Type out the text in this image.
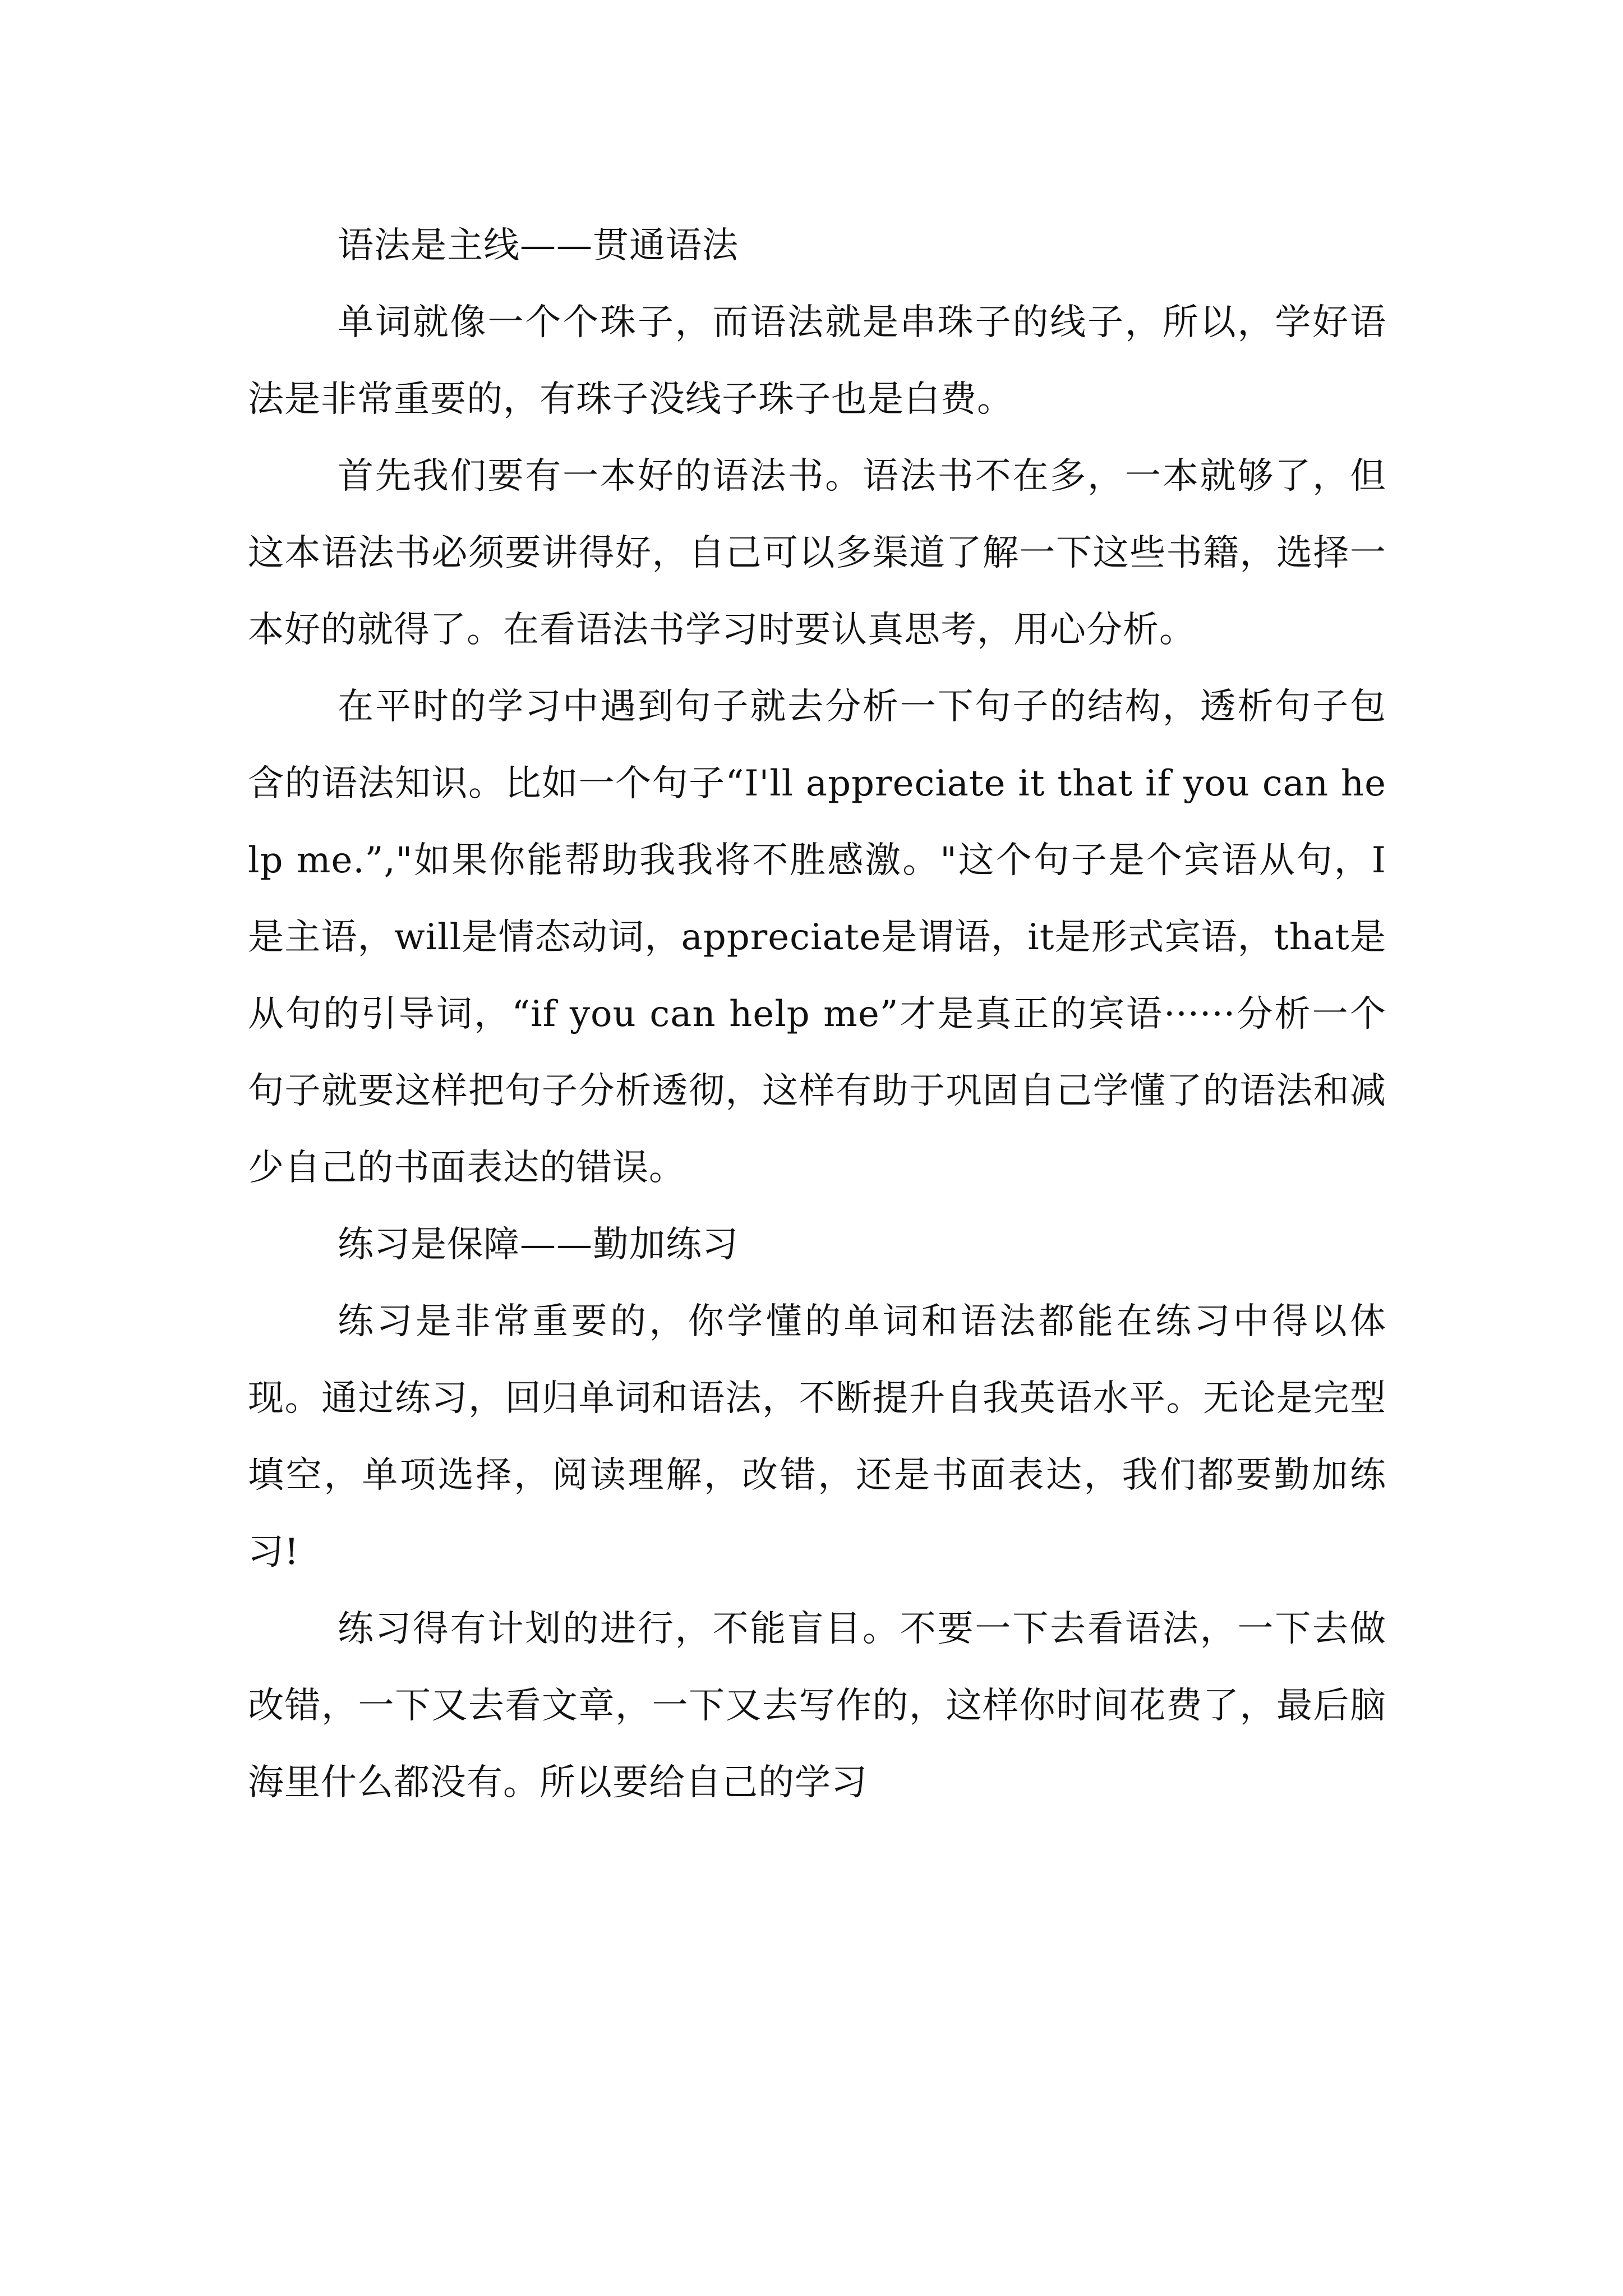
语法是主线——贯通语法

单词就像一个个珠子，而语法就是串珠子的线子，所以，学好语法是非常重要的，有珠子没线子珠子也是白费。

首先我们要有一本好的语法书。语法书不在多，一本就够了，但这本语法书必须要讲得好，自己可以多渠道了解一下这些书籍，选择一本好的就得了。在看语法书学习时要认真思考，用心分析。

在平时的学习中遇到句子就去分析一下句子的结构，透析句子包含的语法知识。比如一个句子“I'll appreciate it that if you can help me.”,"如果你能帮助我我将不胜感激。"这个句子是个宾语从句，I是主语，will是情态动词，appreciate是谓语，it是形式宾语，that是从句的引导词，“if you can help me”才是真正的宾语······分析一个句子就要这样把句子分析透彻，这样有助于巩固自己学懂了的语法和减少自己的书面表达的错误。

练习是保障——勤加练习

练习是非常重要的，你学懂的单词和语法都能在练习中得以体现。通过练习，回归单词和语法，不断提升自我英语水平。无论是完型填空，单项选择，阅读理解，改错，还是书面表达，我们都要勤加练习!

练习得有计划的进行，不能盲目。不要一下去看语法，一下去做改错，一下又去看文章，一下又去写作的，这样你时间花费了，最后脑海里什么都没有。所以要给自己的学习
